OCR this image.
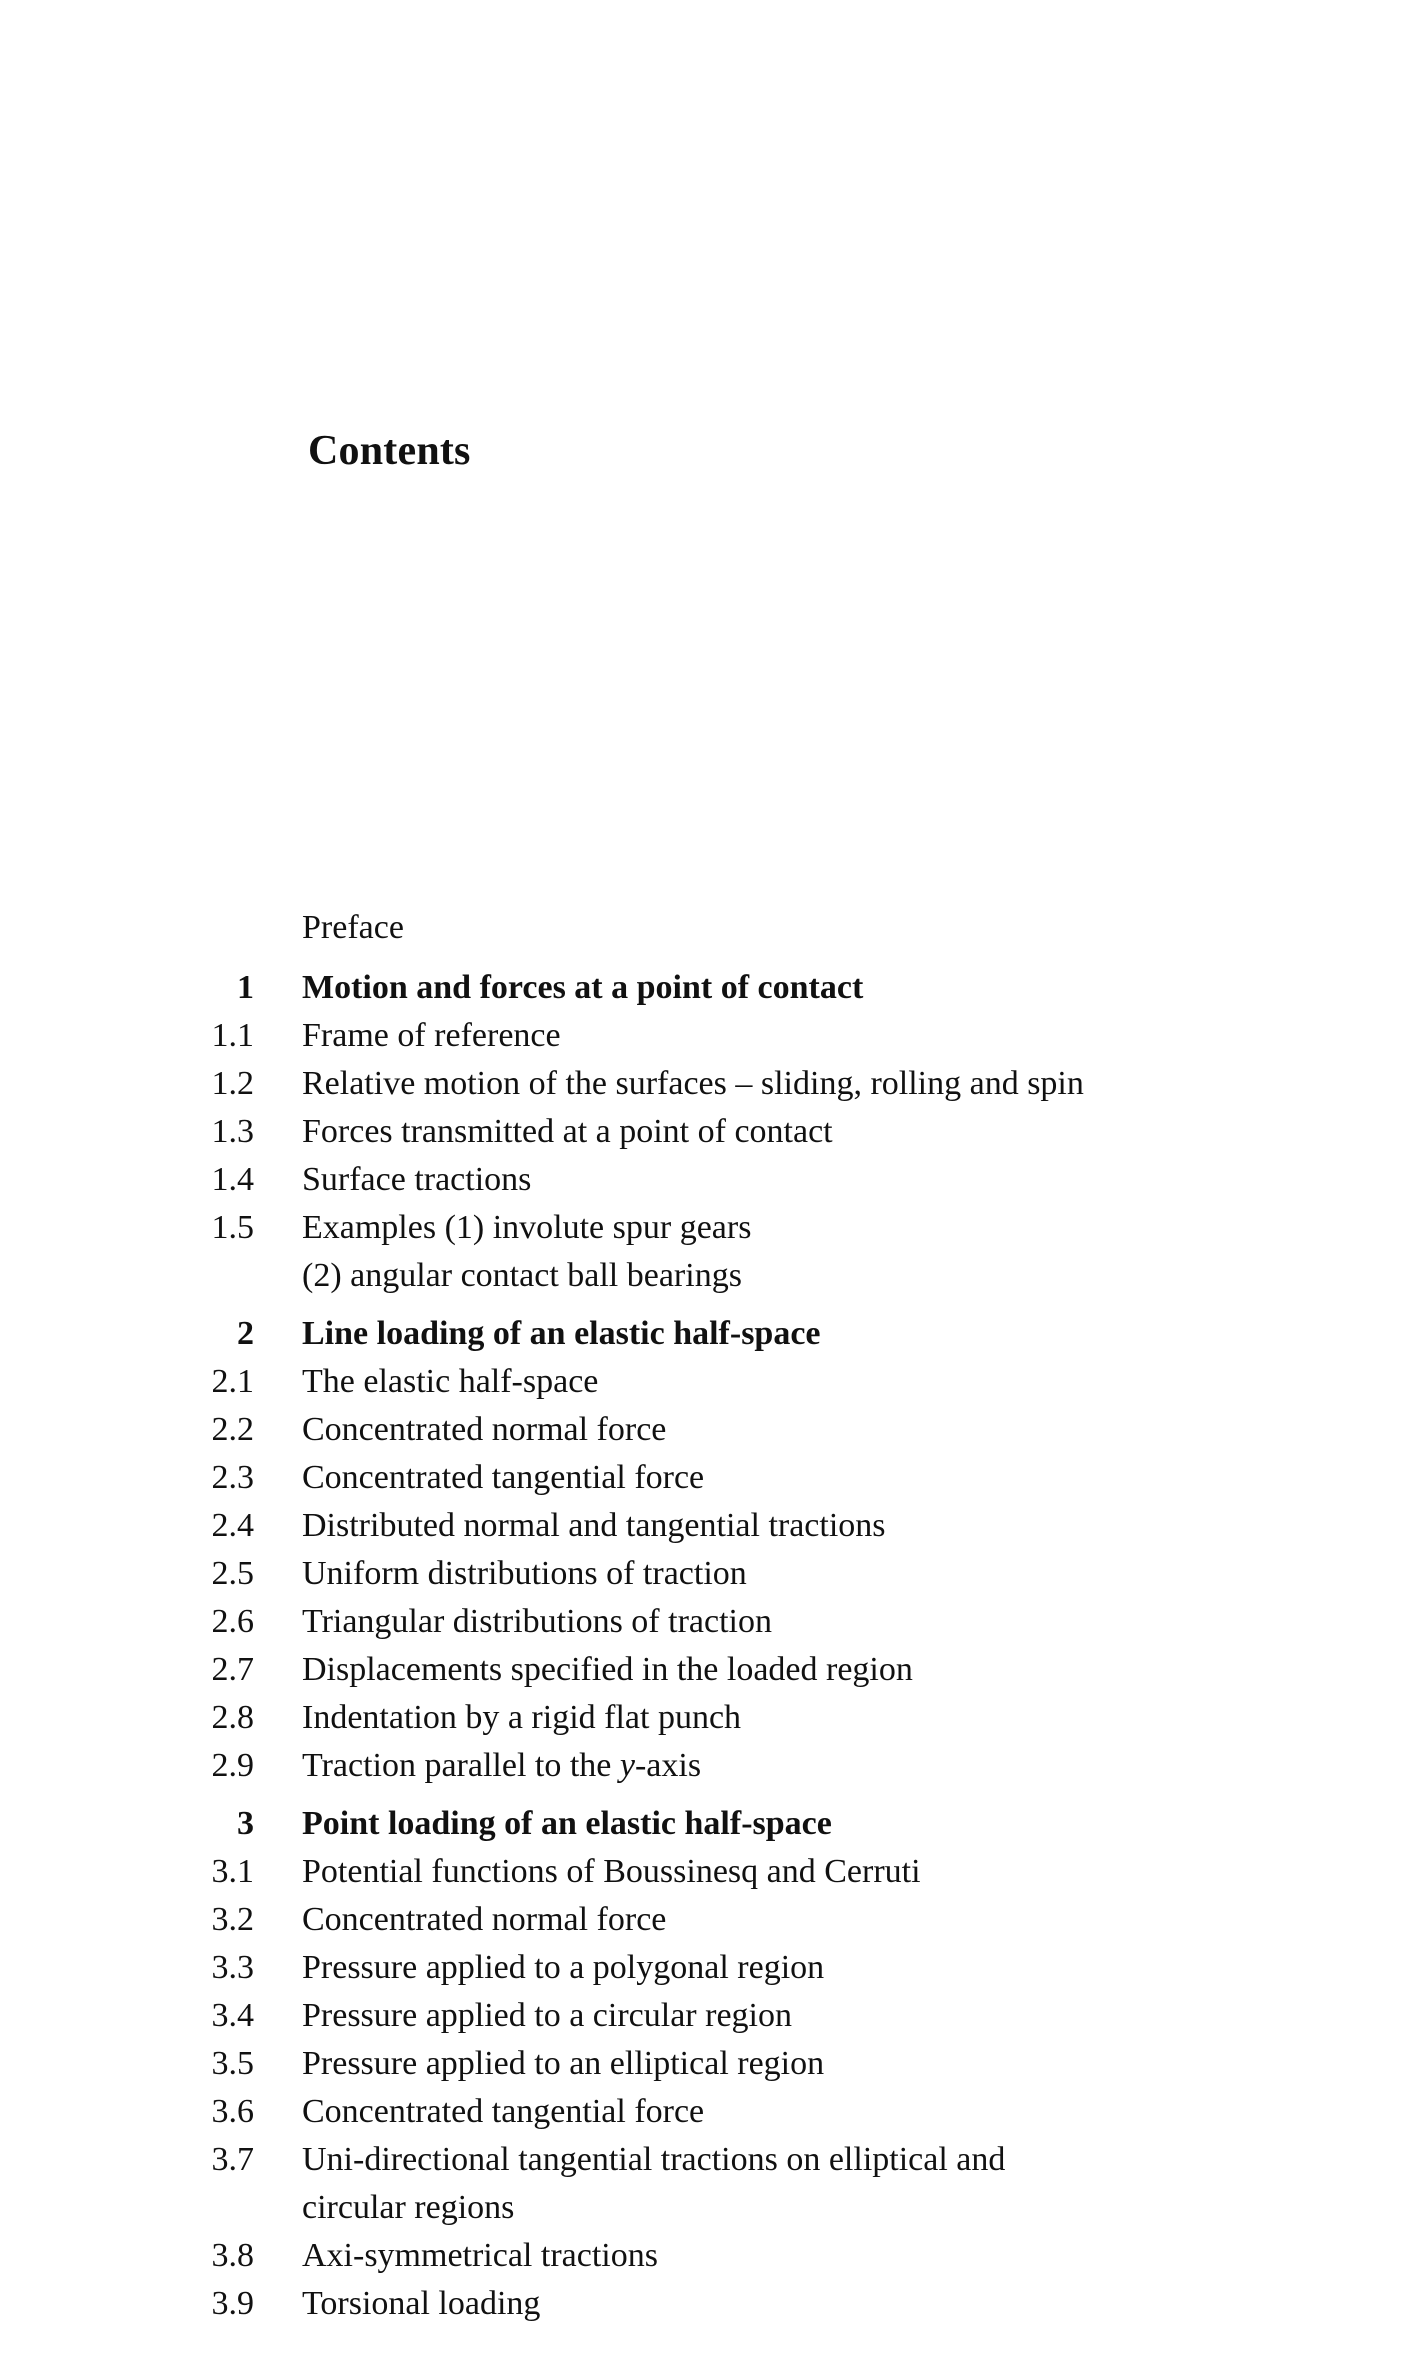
Contents
Preface
1 Motion and forces at a point of contact
1.1 Frame of reference
1.2 Relative motion of the surfaces – sliding, rolling and spin
1.3 Forces transmitted at a point of contact
1.4 Surface tractions
1.5 Examples (1) involute spur gears
(2) angular contact ball bearings
2 Line loading of an elastic half-space
2.1 The elastic half-space
2.2 Concentrated normal force
2.3 Concentrated tangential force
2.4 Distributed normal and tangential tractions
2.5 Uniform distributions of traction
2.6 Triangular distributions of traction
2.7 Displacements specified in the loaded region
2.8 Indentation by a rigid flat punch
2.9 Traction parallel to the y-axis
3 Point loading of an elastic half-space
3.1 Potential functions of Boussinesq and Cerruti
3.2 Concentrated normal force
3.3 Pressure applied to a polygonal region
3.4 Pressure applied to a circular region
3.5 Pressure applied to an elliptical region
3.6 Concentrated tangential force
3.7 Uni-directional tangential tractions on elliptical and
circular regions
3.8 Axi-symmetrical tractions
3.9 Torsional loading
